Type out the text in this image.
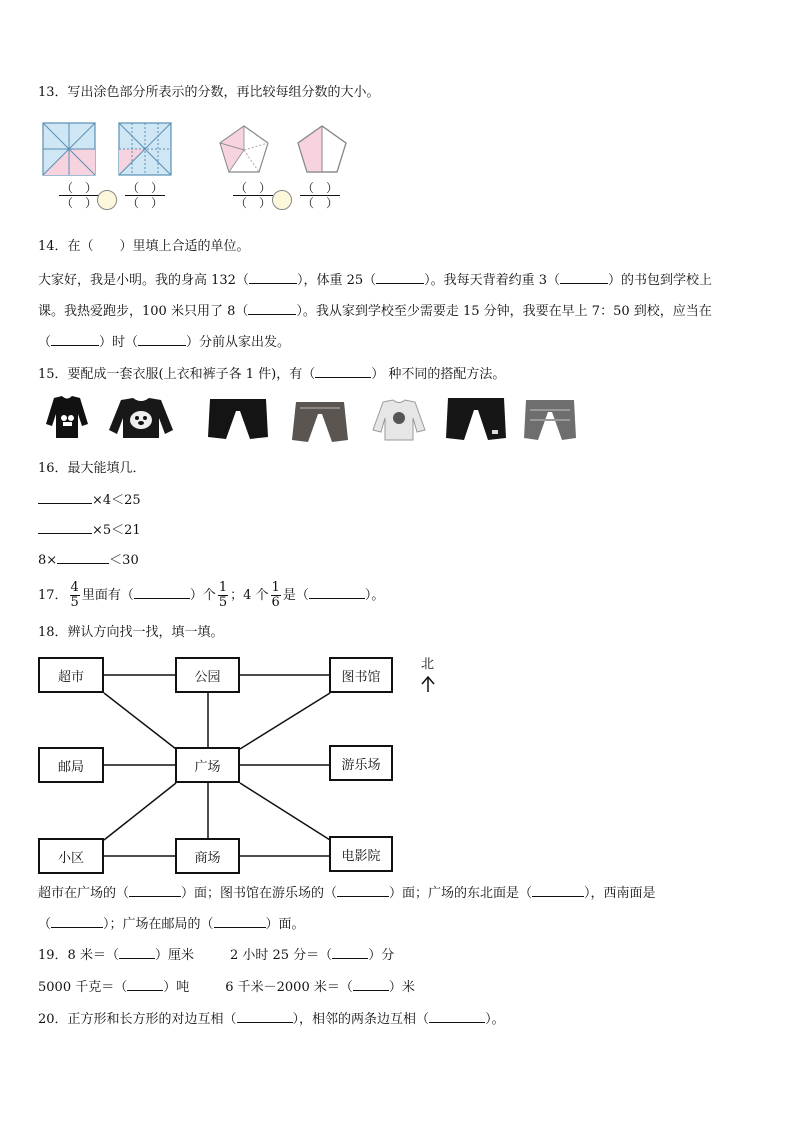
13．写出涂色部分所表示的分数，再比较每组分数的大小。
（　）
（　）
（　）
（　）
（　）
（　）
（　）
（　）
14．在（　　）里填上合适的单位。
大家好，我是小明。我的身高 132（	），体重 25（	）。我每天背着约重 3（	）的书包到学校上
课。我热爱跑步，100 米只用了 8（	）。我从家到学校至少需要走 15 分钟，我要在早上 7：50 到校，应当在
（	）时（	）分前从家出发。
15．要配成一套衣服(上衣和裤子各 1 件)，有（	） 种不同的搭配方法。
16．最大能填几．
×4＜25
×5＜21
8×	＜30
17． $\frac{4}{5}$ 里面有（	）个 $\frac{1}{5}$ ；4 个 $\frac{1}{6}$ 是（	）。
18．辨认方向找一找，填一填。
北
超市	公园	图书馆
邮局	广场	游乐场
小区	商场	电影院
超市在广场的（	）面；图书馆在游乐场的（	）面；广场的东北面是（	），西南面是
（	）；广场在邮局的（	）面。
19．8 米＝（	）厘米	2 小时 25 分＝（	）分
5000 千克＝（	）吨	6 千米－2000 米＝（	）米
20．正方形和长方形的对边互相（	），相邻的两条边互相（	）。
